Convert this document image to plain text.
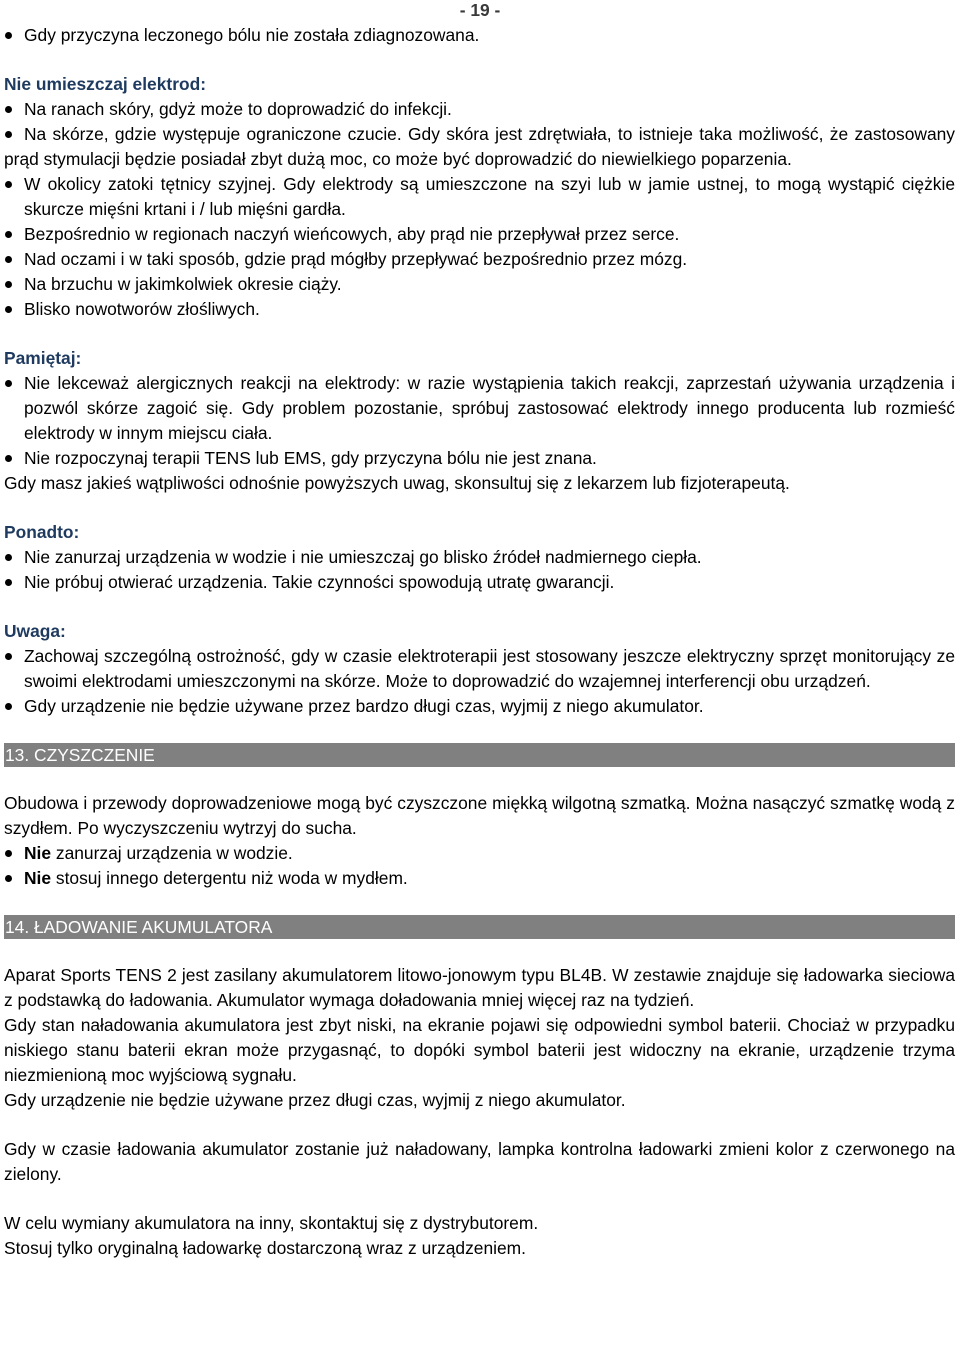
- 19 -
Gdy przyczyna leczonego bólu nie została zdiagnozowana.
Nie umieszczaj elektrod:
Na ranach skóry, gdyż może to doprowadzić do infekcji.
Na skórze, gdzie występuje ograniczone czucie. Gdy skóra jest zdrętwiała, to istnieje taka możliwość, że zastosowany prąd stymulacji będzie posiadał zbyt dużą moc, co może być doprowadzić do niewielkiego poparzenia.
W okolicy zatoki tętnicy szyjnej. Gdy elektrody są umieszczone na szyi lub w jamie ustnej, to mogą wystąpić ciężkie skurcze mięśni krtani i / lub mięśni gardła.
Bezpośrednio w regionach naczyń wieńcowych, aby prąd nie przepływał przez serce.
Nad oczami i w taki sposób, gdzie prąd mógłby przepływać bezpośrednio przez mózg.
Na brzuchu w jakimkolwiek okresie ciąży.
Blisko nowotworów złośliwych.
Pamiętaj:
Nie lekceważ alergicznych reakcji na elektrody: w razie wystąpienia takich reakcji, zaprzestań używania urządzenia i pozwól skórze zagoić się. Gdy problem pozostanie, spróbuj zastosować elektrody innego producenta lub rozmieść elektrody w innym miejscu ciała.
Nie rozpoczynaj terapii TENS lub EMS, gdy przyczyna bólu nie jest znana.

Gdy masz jakieś wątpliwości odnośnie powyższych uwag, skonsultuj się z lekarzem lub fizjoterapeutą.

Ponadto:
Nie zanurzaj urządzenia w wodzie i nie umieszczaj go blisko źródeł nadmiernego ciepła.
Nie próbuj otwierać urządzenia. Takie czynności spowodują utratę gwarancji.
Uwaga:
Zachowaj szczególną ostrożność, gdy w czasie elektroterapii jest stosowany jeszcze elektryczny sprzęt monitorujący ze swoimi elektrodami umieszczonymi na skórze. Może to doprowadzić do wzajemnej interferencji obu urządzeń.
Gdy urządzenie nie będzie używane przez bardzo długi czas, wyjmij z niego akumulator.
13. CZYSZCZENIE

Obudowa i przewody doprowadzeniowe mogą być czyszczone miękką wilgotną szmatką. Można nasączyć szmatkę wodą z szydłem. Po wyczyszczeniu wytrzyj do sucha.

Nie zanurzaj urządzenia w wodzie.
Nie stosuj innego detergentu niż woda w mydłem.
14. ŁADOWANIE AKUMULATORA

Aparat Sports TENS 2 jest zasilany akumulatorem litowo-jonowym typu BL4B. W zestawie znajduje się ładowarka sieciowa z podstawką do ładowania. Akumulator wymaga doładowania mniej więcej raz na tydzień.

Gdy stan naładowania akumulatora jest zbyt niski, na ekranie pojawi się odpowiedni symbol baterii. Chociaż w przypadku niskiego stanu baterii ekran może przygasnąć, to dopóki symbol baterii jest widoczny na ekranie, urządzenie trzyma niezmienioną moc wyjściową sygnału.

Gdy urządzenie nie będzie używane przez długi czas, wyjmij z niego akumulator.

Gdy w czasie ładowania akumulator zostanie już naładowany, lampka kontrolna ładowarki zmieni kolor z czerwonego na zielony.

W celu wymiany akumulatora na inny, skontaktuj się z dystrybutorem.

Stosuj tylko oryginalną ładowarkę dostarczoną wraz z urządzeniem.
